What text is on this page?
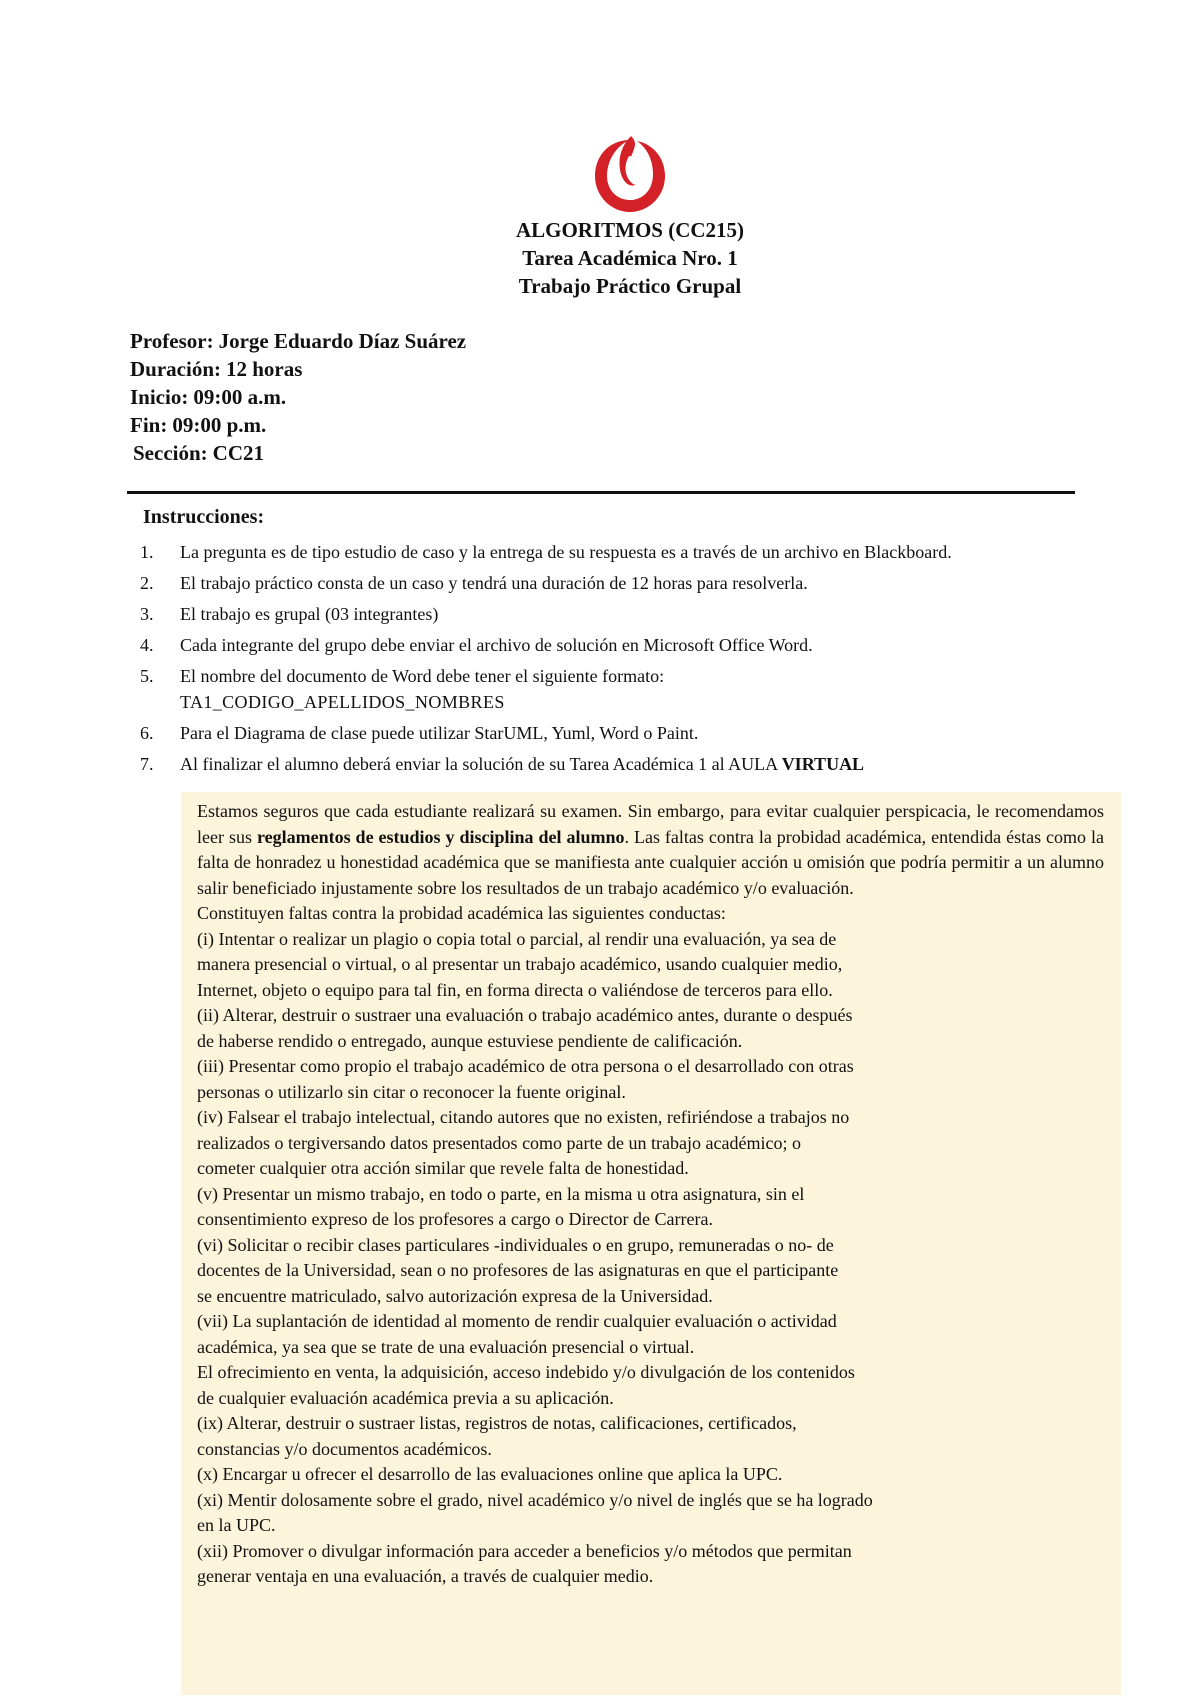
ALGORITMOS (CC215)
Tarea Académica Nro. 1
Trabajo Práctico Grupal
Profesor: Jorge Eduardo Díaz Suárez
Duración: 12 horas
Inicio: 09:00 a.m.
Fin: 09:00 p.m.
Sección: CC21
Instrucciones:
1. La pregunta es de tipo estudio de caso y la entrega de su respuesta es a través de un archivo en Blackboard.
2. El trabajo práctico consta de un caso y tendrá una duración de 12 horas para resolverla.
3. El trabajo es grupal (03 integrantes)
4. Cada integrante del grupo debe enviar el archivo de solución en Microsoft Office Word.
5. El nombre del documento de Word debe tener el siguiente formato:
TA1_CODIGO_APELLIDOS_NOMBRES
6. Para el Diagrama de clase puede utilizar StarUML, Yuml, Word o Paint.
7. Al finalizar el alumno deberá enviar la solución de su Tarea Académica 1 al AULA VIRTUAL

Estamos seguros que cada estudiante realizará su examen. Sin embargo, para evitar cualquier perspicacia, le recomendamos leer sus reglamentos de estudios y disciplina del alumno. Las faltas contra la probidad académica, entendida éstas como la falta de honradez u honestidad académica que se manifiesta ante cualquier acción u omisión que podría permitir a un alumno salir beneficiado injustamente sobre los resultados de un trabajo académico y/o evaluación.

Constituyen faltas contra la probidad académica las siguientes conductas:

(i) Intentar o realizar un plagio o copia total o parcial, al rendir una evaluación, ya sea de

manera presencial o virtual, o al presentar un trabajo académico, usando cualquier medio,

Internet, objeto o equipo para tal fin, en forma directa o valiéndose de terceros para ello.

(ii) Alterar, destruir o sustraer una evaluación o trabajo académico antes, durante o después

de haberse rendido o entregado, aunque estuviese pendiente de calificación.

(iii) Presentar como propio el trabajo académico de otra persona o el desarrollado con otras

personas o utilizarlo sin citar o reconocer la fuente original.

(iv) Falsear el trabajo intelectual, citando autores que no existen, refiriéndose a trabajos no

realizados o tergiversando datos presentados como parte de un trabajo académico; o

cometer cualquier otra acción similar que revele falta de honestidad.

(v) Presentar un mismo trabajo, en todo o parte, en la misma u otra asignatura, sin el

consentimiento expreso de los profesores a cargo o Director de Carrera.

(vi) Solicitar o recibir clases particulares -individuales o en grupo, remuneradas o no- de

docentes de la Universidad, sean o no profesores de las asignaturas en que el participante

se encuentre matriculado, salvo autorización expresa de la Universidad.

(vii) La suplantación de identidad al momento de rendir cualquier evaluación o actividad

académica, ya sea que se trate de una evaluación presencial o virtual.

El ofrecimiento en venta, la adquisición, acceso indebido y/o divulgación de los contenidos

de cualquier evaluación académica previa a su aplicación.

(ix) Alterar, destruir o sustraer listas, registros de notas, calificaciones, certificados,

constancias y/o documentos académicos.

(x) Encargar u ofrecer el desarrollo de las evaluaciones online que aplica la UPC.

(xi) Mentir dolosamente sobre el grado, nivel académico y/o nivel de inglés que se ha logrado

en la UPC.

(xii) Promover o divulgar información para acceder a beneficios y/o métodos que permitan

generar ventaja en una evaluación, a través de cualquier medio.
